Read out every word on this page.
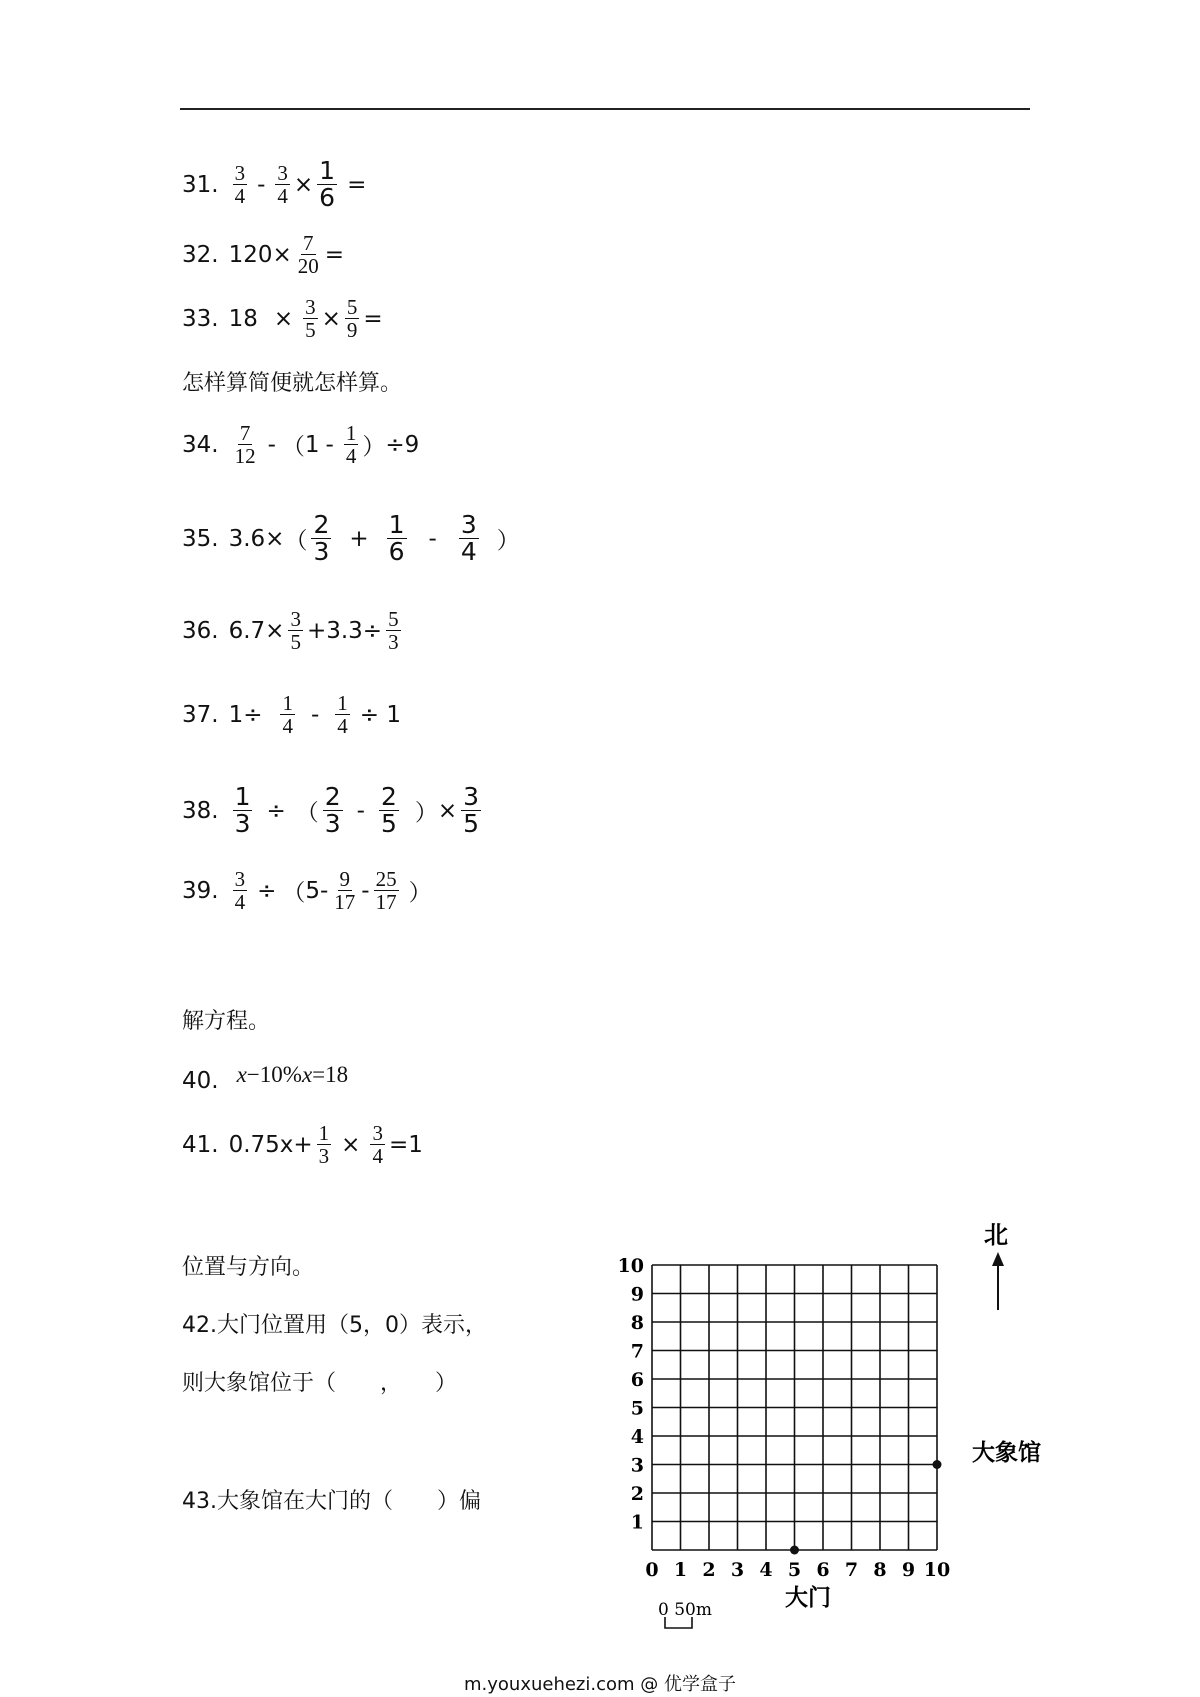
31. $\frac{3}{4} - \frac{3}{4} \times \frac{1}{6}$ =
32. $120\times \frac{7}{20}$ =
33. $18 \times \frac{3}{5} \times \frac{5}{9}$ =
怎样算简便就怎样算。
34. $\frac{7}{12}$ - （ $1 - \frac{1}{4}$ ） ÷9
35. 3.6× （ $\frac{2}{3} + \frac{1}{6} - \frac{3}{4}$ ）
36. $6.7\times \frac{3}{5} +3.3\div \frac{5}{3}$
37. $1\div \frac{1}{4} - \frac{1}{4} \div 1$
38. $\frac{1}{3}$ ÷ （ $\frac{2}{3} - \frac{2}{5}$ ） × $\frac{3}{5}$
39. $\frac{3}{4}$ ÷ （ $5- \frac{9}{17} - \frac{25}{17}$ ）
解方程。
40. x −10% x =18
41. $0.75x+ \frac{1}{3} \times \frac{3}{4} =1$
位置与方向。
42.大门位置用（5，0）表示，
则大象馆位于（　　，　　）
43.大象馆在大门的（　　）偏
0 1 2 3 4 5 6 7 8 9 10
1
2
3
4
5
6
7
8
9
10
北
大象馆
大门
0 50m
m.youxuehezi.com @ 优学盒子
